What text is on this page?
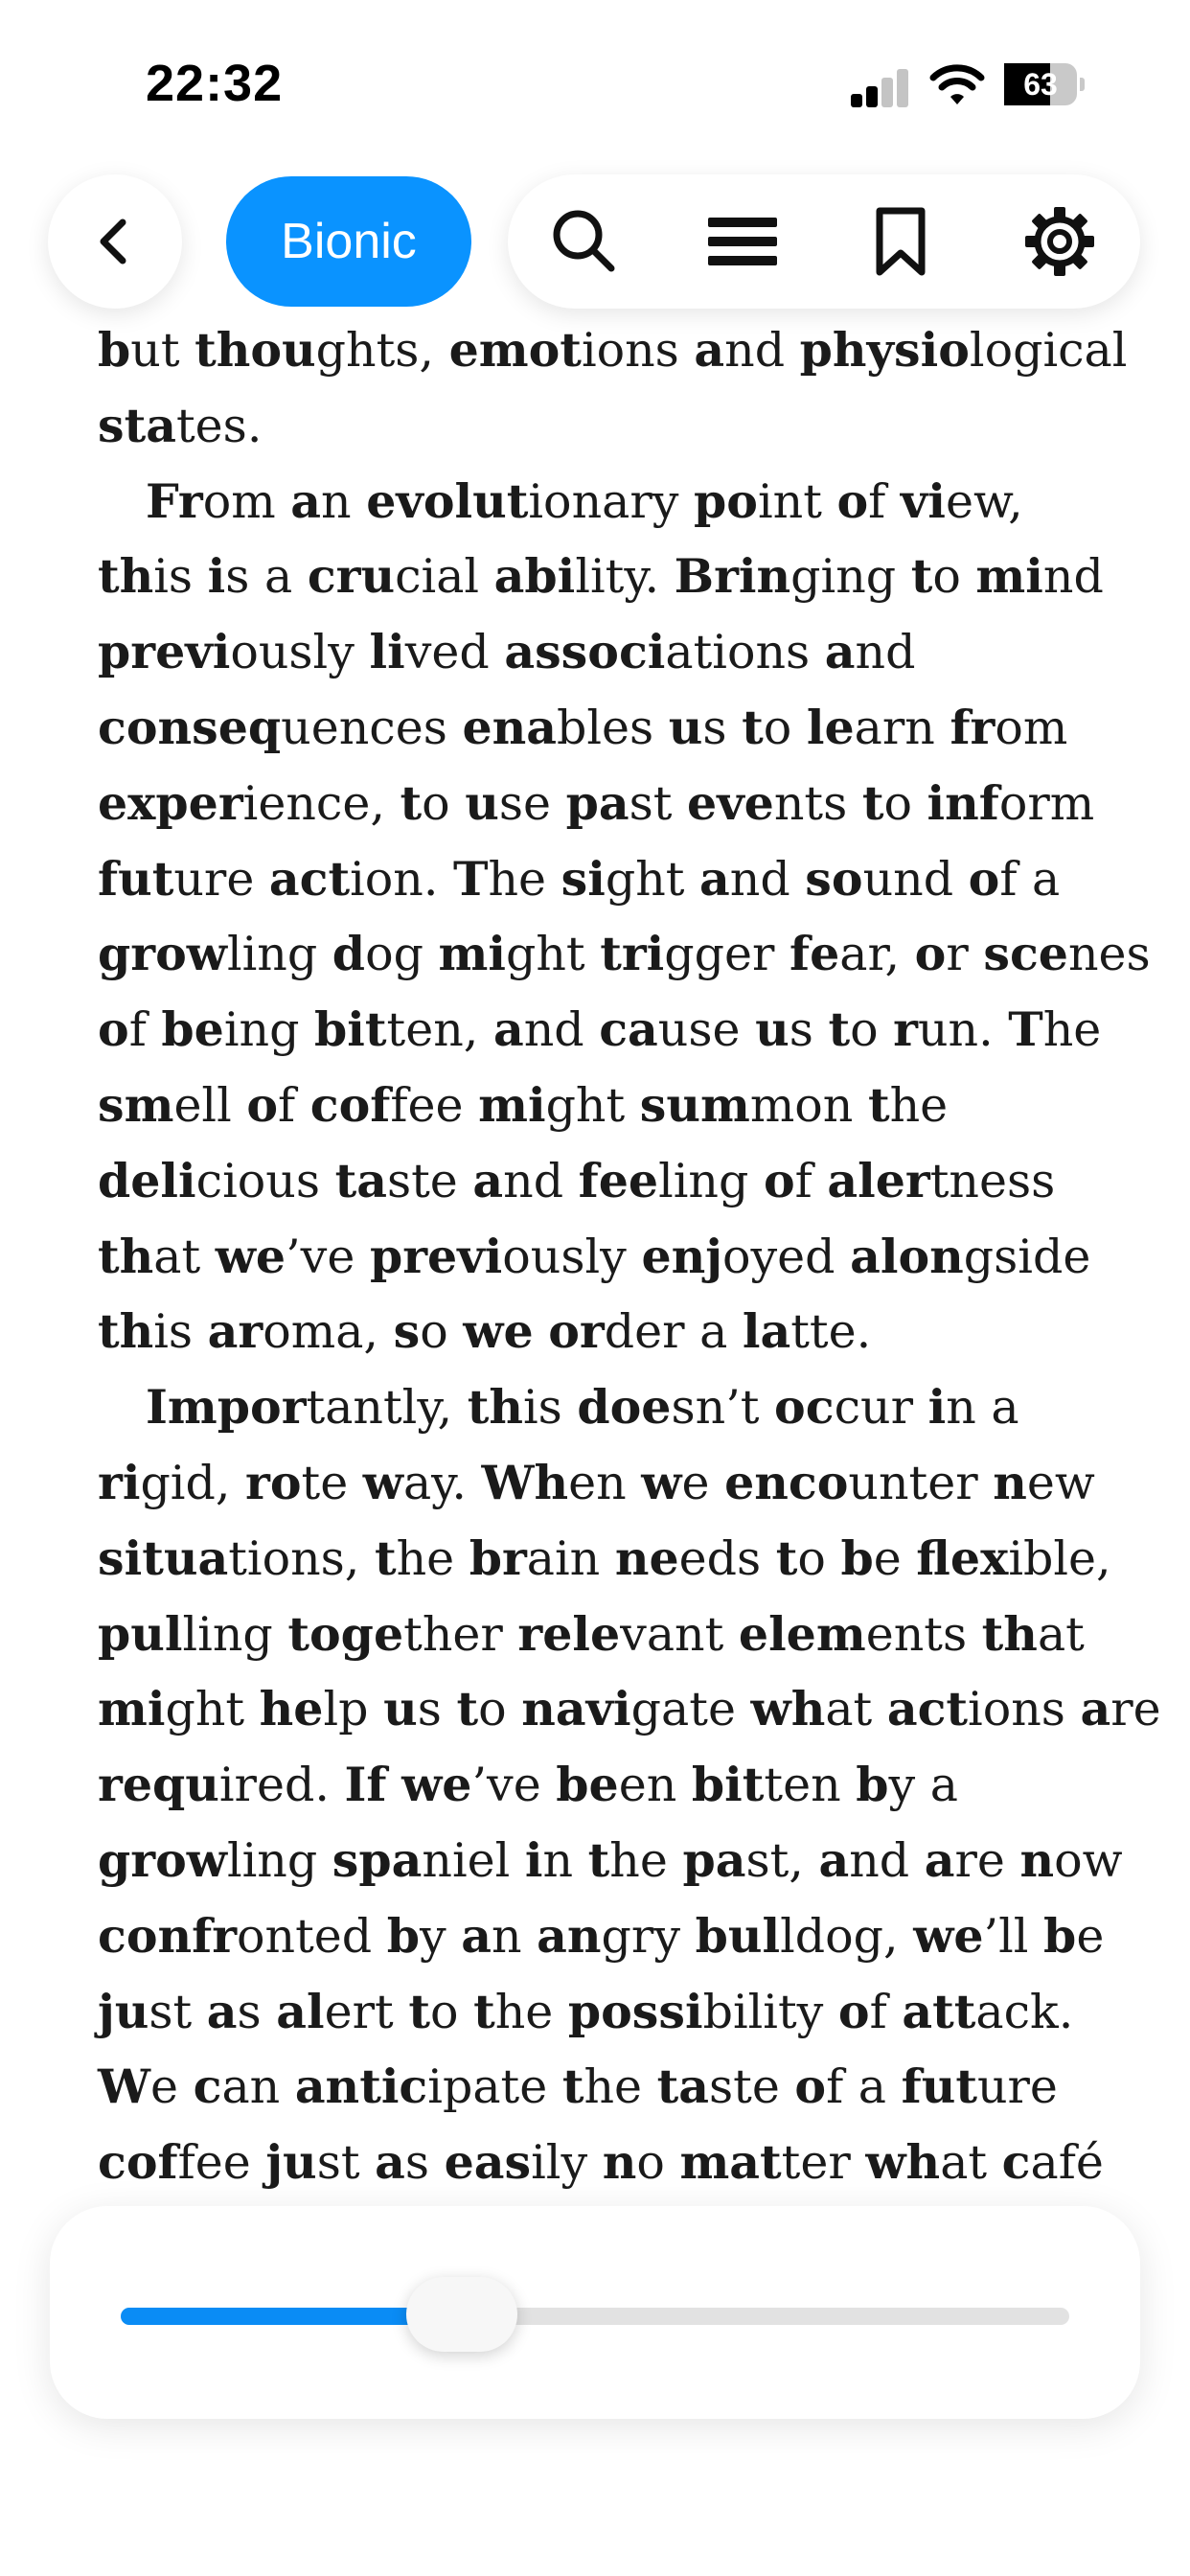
22:32	63
Bionic
but thoughts, emotions and physiological
states.
From an evolutionary point of view,
this is a crucial ability. Bringing to mind
previously lived associations and
consequences enables us to learn from
experience, to use past events to inform
future action. The sight and sound of a
growling dog might trigger fear, or scenes
of being bitten, and cause us to run. The
smell of coffee might summon the
delicious taste and feeling of alertness
that we’ve previously enjoyed alongside
this aroma, so we order a latte.
Importantly, this doesn’t occur in a
rigid, rote way. When we encounter new
situations, the brain needs to be flexible,
pulling together relevant elements that
might help us to navigate what actions are
required. If we’ve been bitten by a
growling spaniel in the past, and are now
confronted by an angry bulldog, we’ll be
just as alert to the possibility of attack.
We can anticipate the taste of a future
coffee just as easily no matter what café
